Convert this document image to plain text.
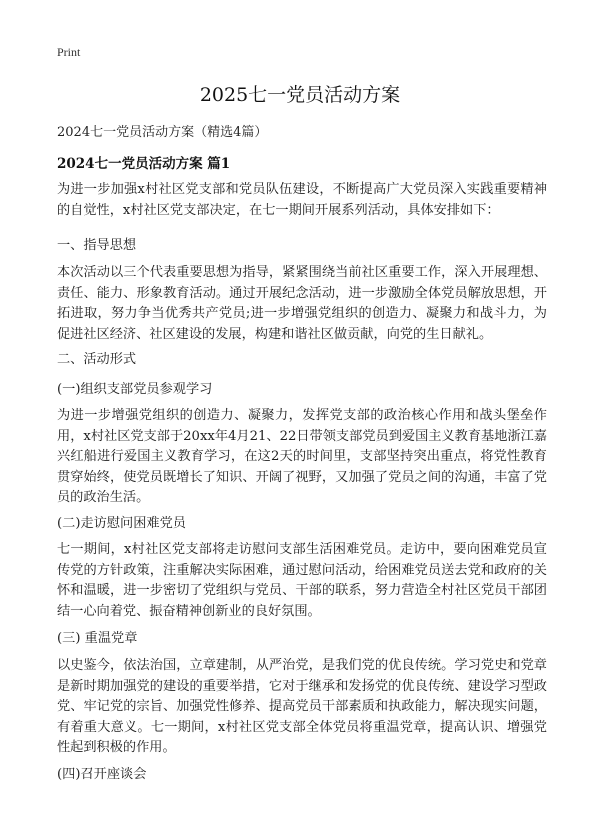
Print
2025七一党员活动方案
2024七一党员活动方案（精选4篇）
2024七一党员活动方案 篇1
为进一步加强x村社区党支部和党员队伍建设，不断提高广大党员深入实践重要精神的自觉性，x村社区党支部决定，在七一期间开展系列活动，具体安排如下：
一、指导思想
本次活动以三个代表重要思想为指导，紧紧围绕当前社区重要工作，深入开展理想、责任、能力、形象教育活动。通过开展纪念活动，进一步激励全体党员解放思想，开拓进取，努力争当优秀共产党员;进一步增强党组织的创造力、凝聚力和战斗力，为促进社区经济、社区建设的发展，构建和谐社区做贡献，向党的生日献礼。
二、活动形式
(一)组织支部党员参观学习
为进一步增强党组织的创造力、凝聚力，发挥党支部的政治核心作用和战头堡垒作用，x村社区党支部于20xx年4月21、22日带领支部党员到爱国主义教育基地浙江嘉兴红船进行爱国主义教育学习，在这2天的时间里，支部坚持突出重点，将党性教育贯穿始终，使党员既增长了知识、开阔了视野，又加强了党员之间的沟通，丰富了党员的政治生活。
(二)走访慰问困难党员
七一期间，x村社区党支部将走访慰问支部生活困难党员。走访中，要向困难党员宣传党的方针政策，注重解决实际困难，通过慰问活动，给困难党员送去党和政府的关怀和温暖，进一步密切了党组织与党员、干部的联系，努力营造全村社区党员干部团结一心向着党、振奋精神创新业的良好氛围。
(三) 重温党章
以史鉴今，依法治国，立章建制，从严治党，是我们党的优良传统。学习党史和党章是新时期加强党的建设的重要举措，它对于继承和发扬党的优良传统、建设学习型政党、牢记党的宗旨、加强党性修养、提高党员干部素质和执政能力，解决现实问题，有着重大意义。七一期间，x村社区党支部全体党员将重温党章，提高认识、增强党性起到积极的作用。
(四)召开座谈会
